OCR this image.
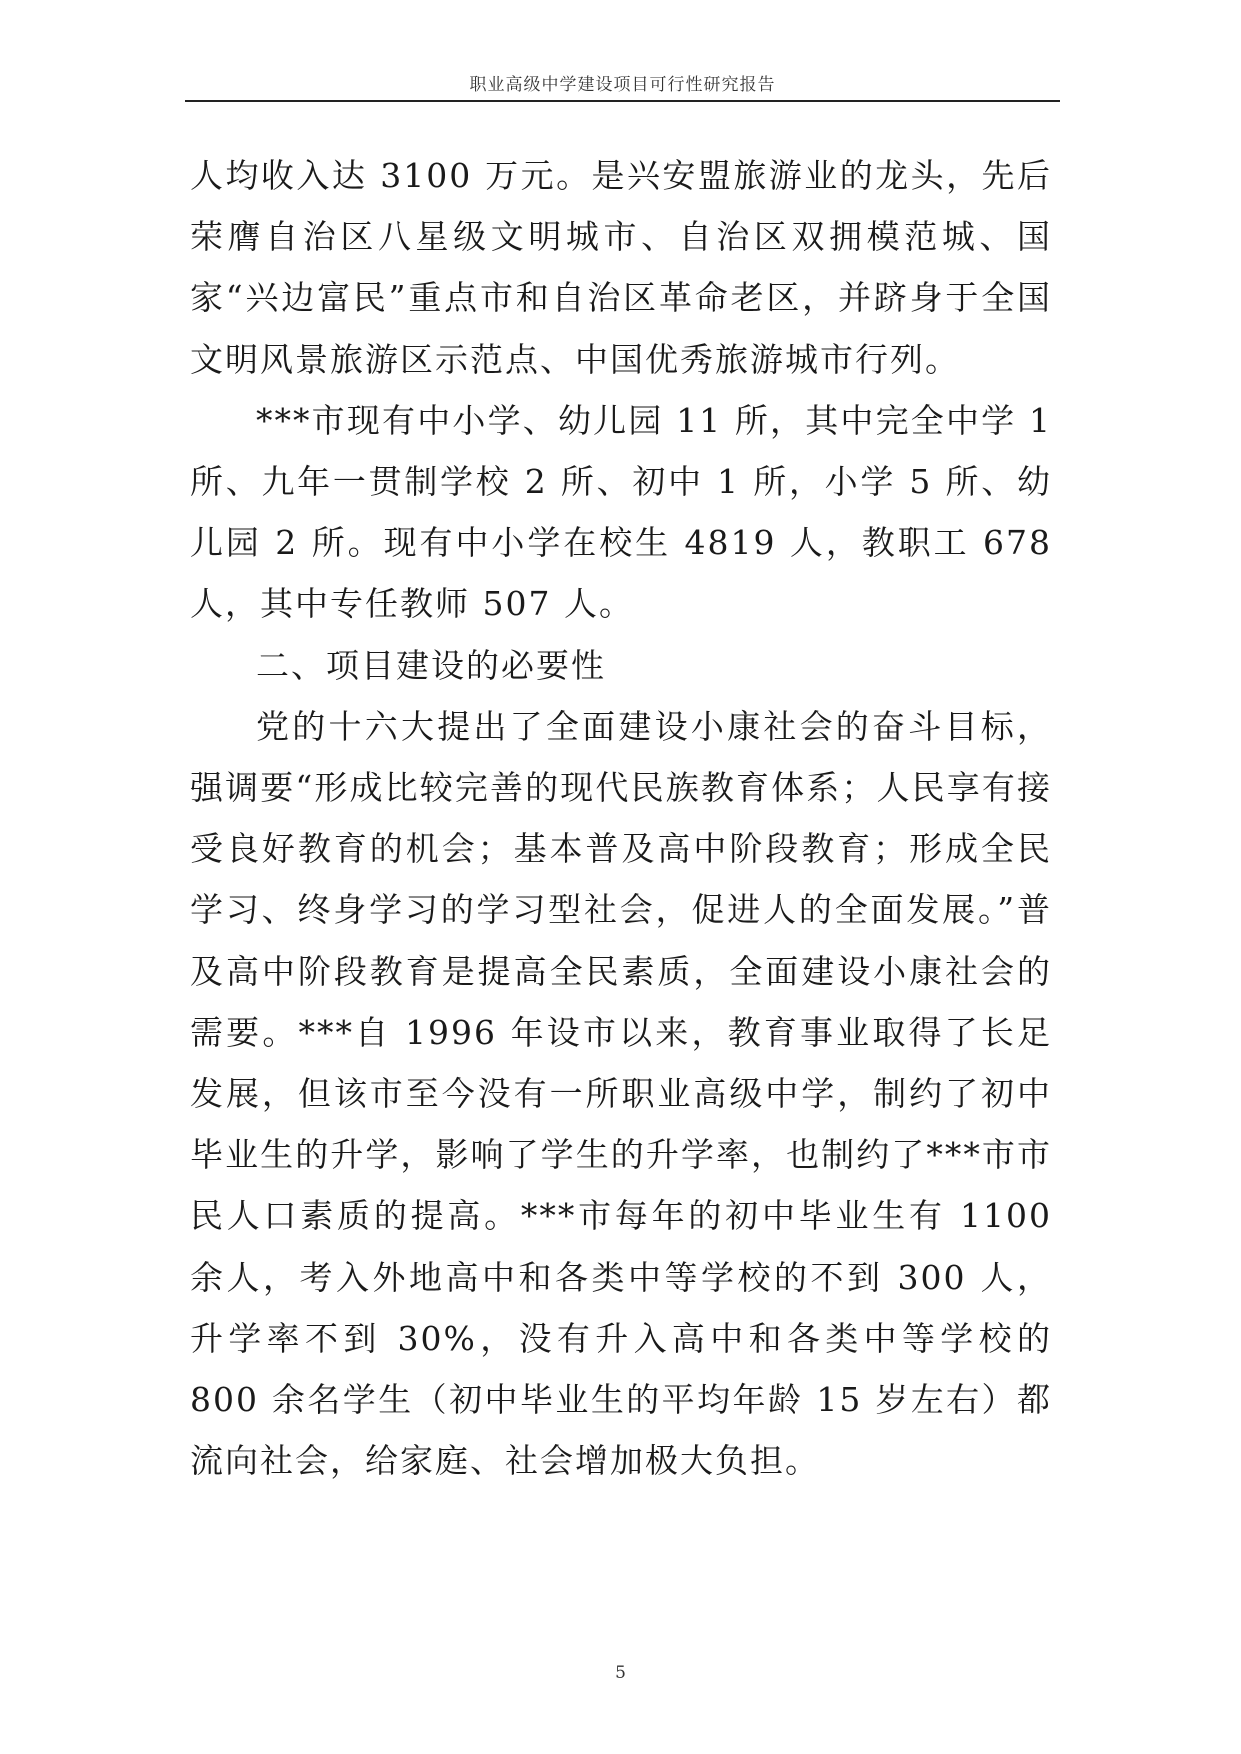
职业高级中学建设项目可行性研究报告

人均收入达 3100 万元。是兴安盟旅游业的龙头，先后荣膺自治区八星级文明城市、自治区双拥模范城、国家“兴边富民”重点市和自治区革命老区，并跻身于全国文明风景旅游区示范点、中国优秀旅游城市行列。

***市现有中小学、幼儿园 11 所，其中完全中学 1 所、九年一贯制学校 2 所、初中 1 所，小学 5 所、幼儿园 2 所。现有中小学在校生 4819 人，教职工 678 人，其中专任教师 507 人。

二、项目建设的必要性

党的十六大提出了全面建设小康社会的奋斗目标，强调要“形成比较完善的现代民族教育体系；人民享有接受良好教育的机会；基本普及高中阶段教育；形成全民学习、终身学习的学习型社会，促进人的全面发展。”普及高中阶段教育是提高全民素质，全面建设小康社会的需要。***自 1996 年设市以来，教育事业取得了长足发展，但该市至今没有一所职业高级中学，制约了初中毕业生的升学，影响了学生的升学率，也制约了***市市民人口素质的提高。***市每年的初中毕业生有 1100 余人，考入外地高中和各类中等学校的不到 300 人，升学率不到 30%，没有升入高中和各类中等学校的 800 余名学生（初中毕业生的平均年龄 15 岁左右）都流向社会，给家庭、社会增加极大负担。

5
